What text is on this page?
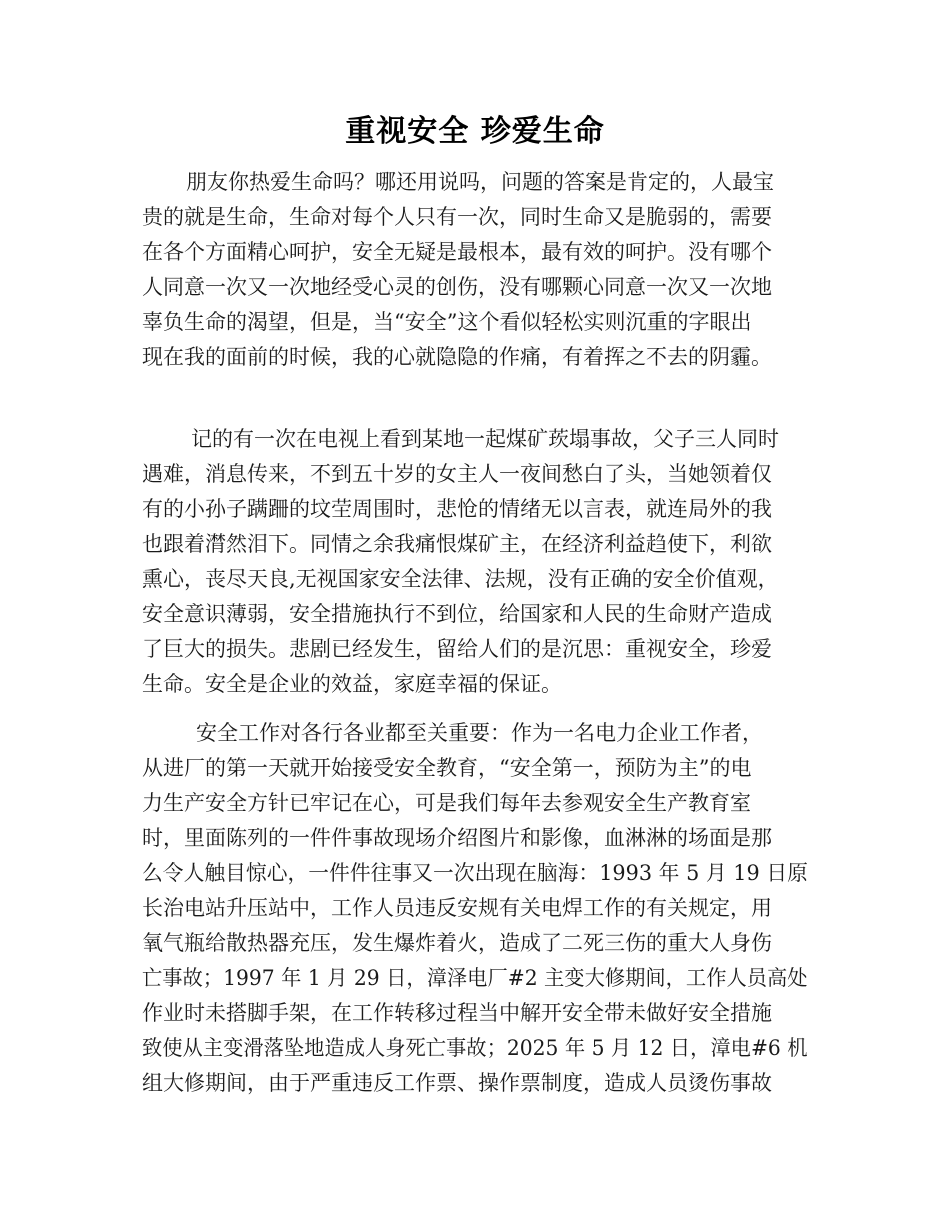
重视安全 珍爱生命

朋友你热爱生命吗？哪还用说吗，问题的答案是肯定的，人最宝

贵的就是生命，生命对每个人只有一次，同时生命又是脆弱的，需要

在各个方面精心呵护，安全无疑是最根本，最有效的呵护。没有哪个

人同意一次又一次地经受心灵的创伤，没有哪颗心同意一次又一次地

辜负生命的渴望，但是，当“安全”这个看似轻松实则沉重的字眼出

现在我的面前的时候，我的心就隐隐的作痛，有着挥之不去的阴霾。

记的有一次在电视上看到某地一起煤矿莰塌事故，父子三人同时

遇难，消息传来，不到五十岁的女主人一夜间愁白了头，当她领着仅

有的小孙子蹒跚的坟茔周围时，悲怆的情绪无以言表，就连局外的我

也跟着潸然泪下。同情之余我痛恨煤矿主，在经济利益趋使下，利欲

熏心，丧尽天良,无视国家安全法律、法规，没有正确的安全价值观，

安全意识薄弱，安全措施执行不到位，给国家和人民的生命财产造成

了巨大的损失。悲剧已经发生，留给人们的是沉思：重视安全，珍爱

生命。安全是企业的效益，家庭幸福的保证。

安全工作对各行各业都至关重要：作为一名电力企业工作者，

从进厂的第一天就开始接受安全教育，“安全第一，预防为主”的电

力生产安全方针已牢记在心，可是我们每年去参观安全生产教育室

时，里面陈列的一件件事故现场介绍图片和影像，血淋淋的场面是那

么令人触目惊心，一件件往事又一次出现在脑海：1993 年 5 月 19 日原

长治电站升压站中，工作人员违反安规有关电焊工作的有关规定，用

氧气瓶给散热器充压，发生爆炸着火，造成了二死三伤的重大人身伤

亡事故；1997 年 1 月 29 日，漳泽电厂#2 主变大修期间，工作人员高处

作业时未搭脚手架，在工作转移过程当中解开安全带未做好安全措施

致使从主变滑落坠地造成人身死亡事故；2025 年 5 月 12 日，漳电#6 机

组大修期间，由于严重违反工作票、操作票制度，造成人员烫伤事故
